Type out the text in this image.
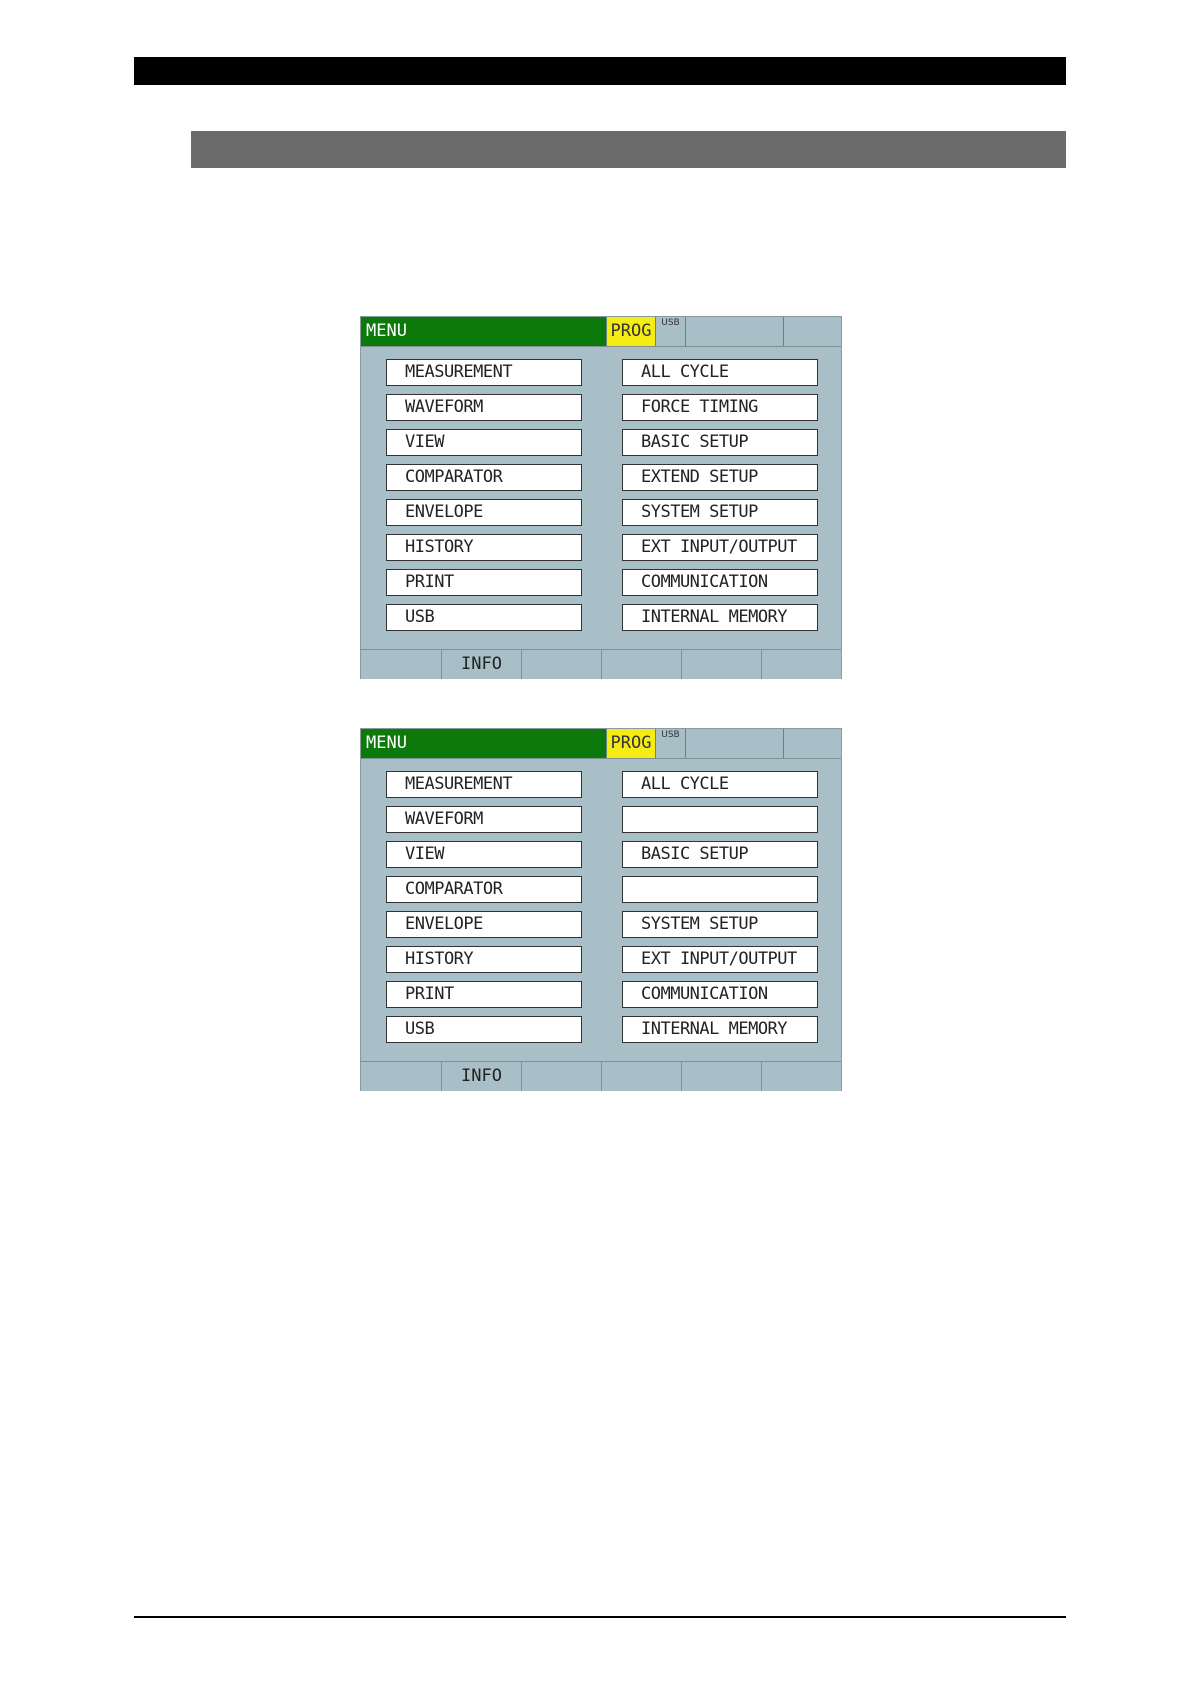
MENU	PROG	USB
MEASUREMENT
WAVEFORM
VIEW
COMPARATOR
ENVELOPE
HISTORY
PRINT
USB
ALL CYCLE
FORCE TIMING
BASIC SETUP
EXTEND SETUP
SYSTEM SETUP
EXT INPUT/OUTPUT
COMMUNICATION
INTERNAL MEMORY
INFO
MENU	PROG	USB
MEASUREMENT
WAVEFORM
VIEW
COMPARATOR
ENVELOPE
HISTORY
PRINT
USB
ALL CYCLE
BASIC SETUP
SYSTEM SETUP
EXT INPUT/OUTPUT
COMMUNICATION
INTERNAL MEMORY
INFO
